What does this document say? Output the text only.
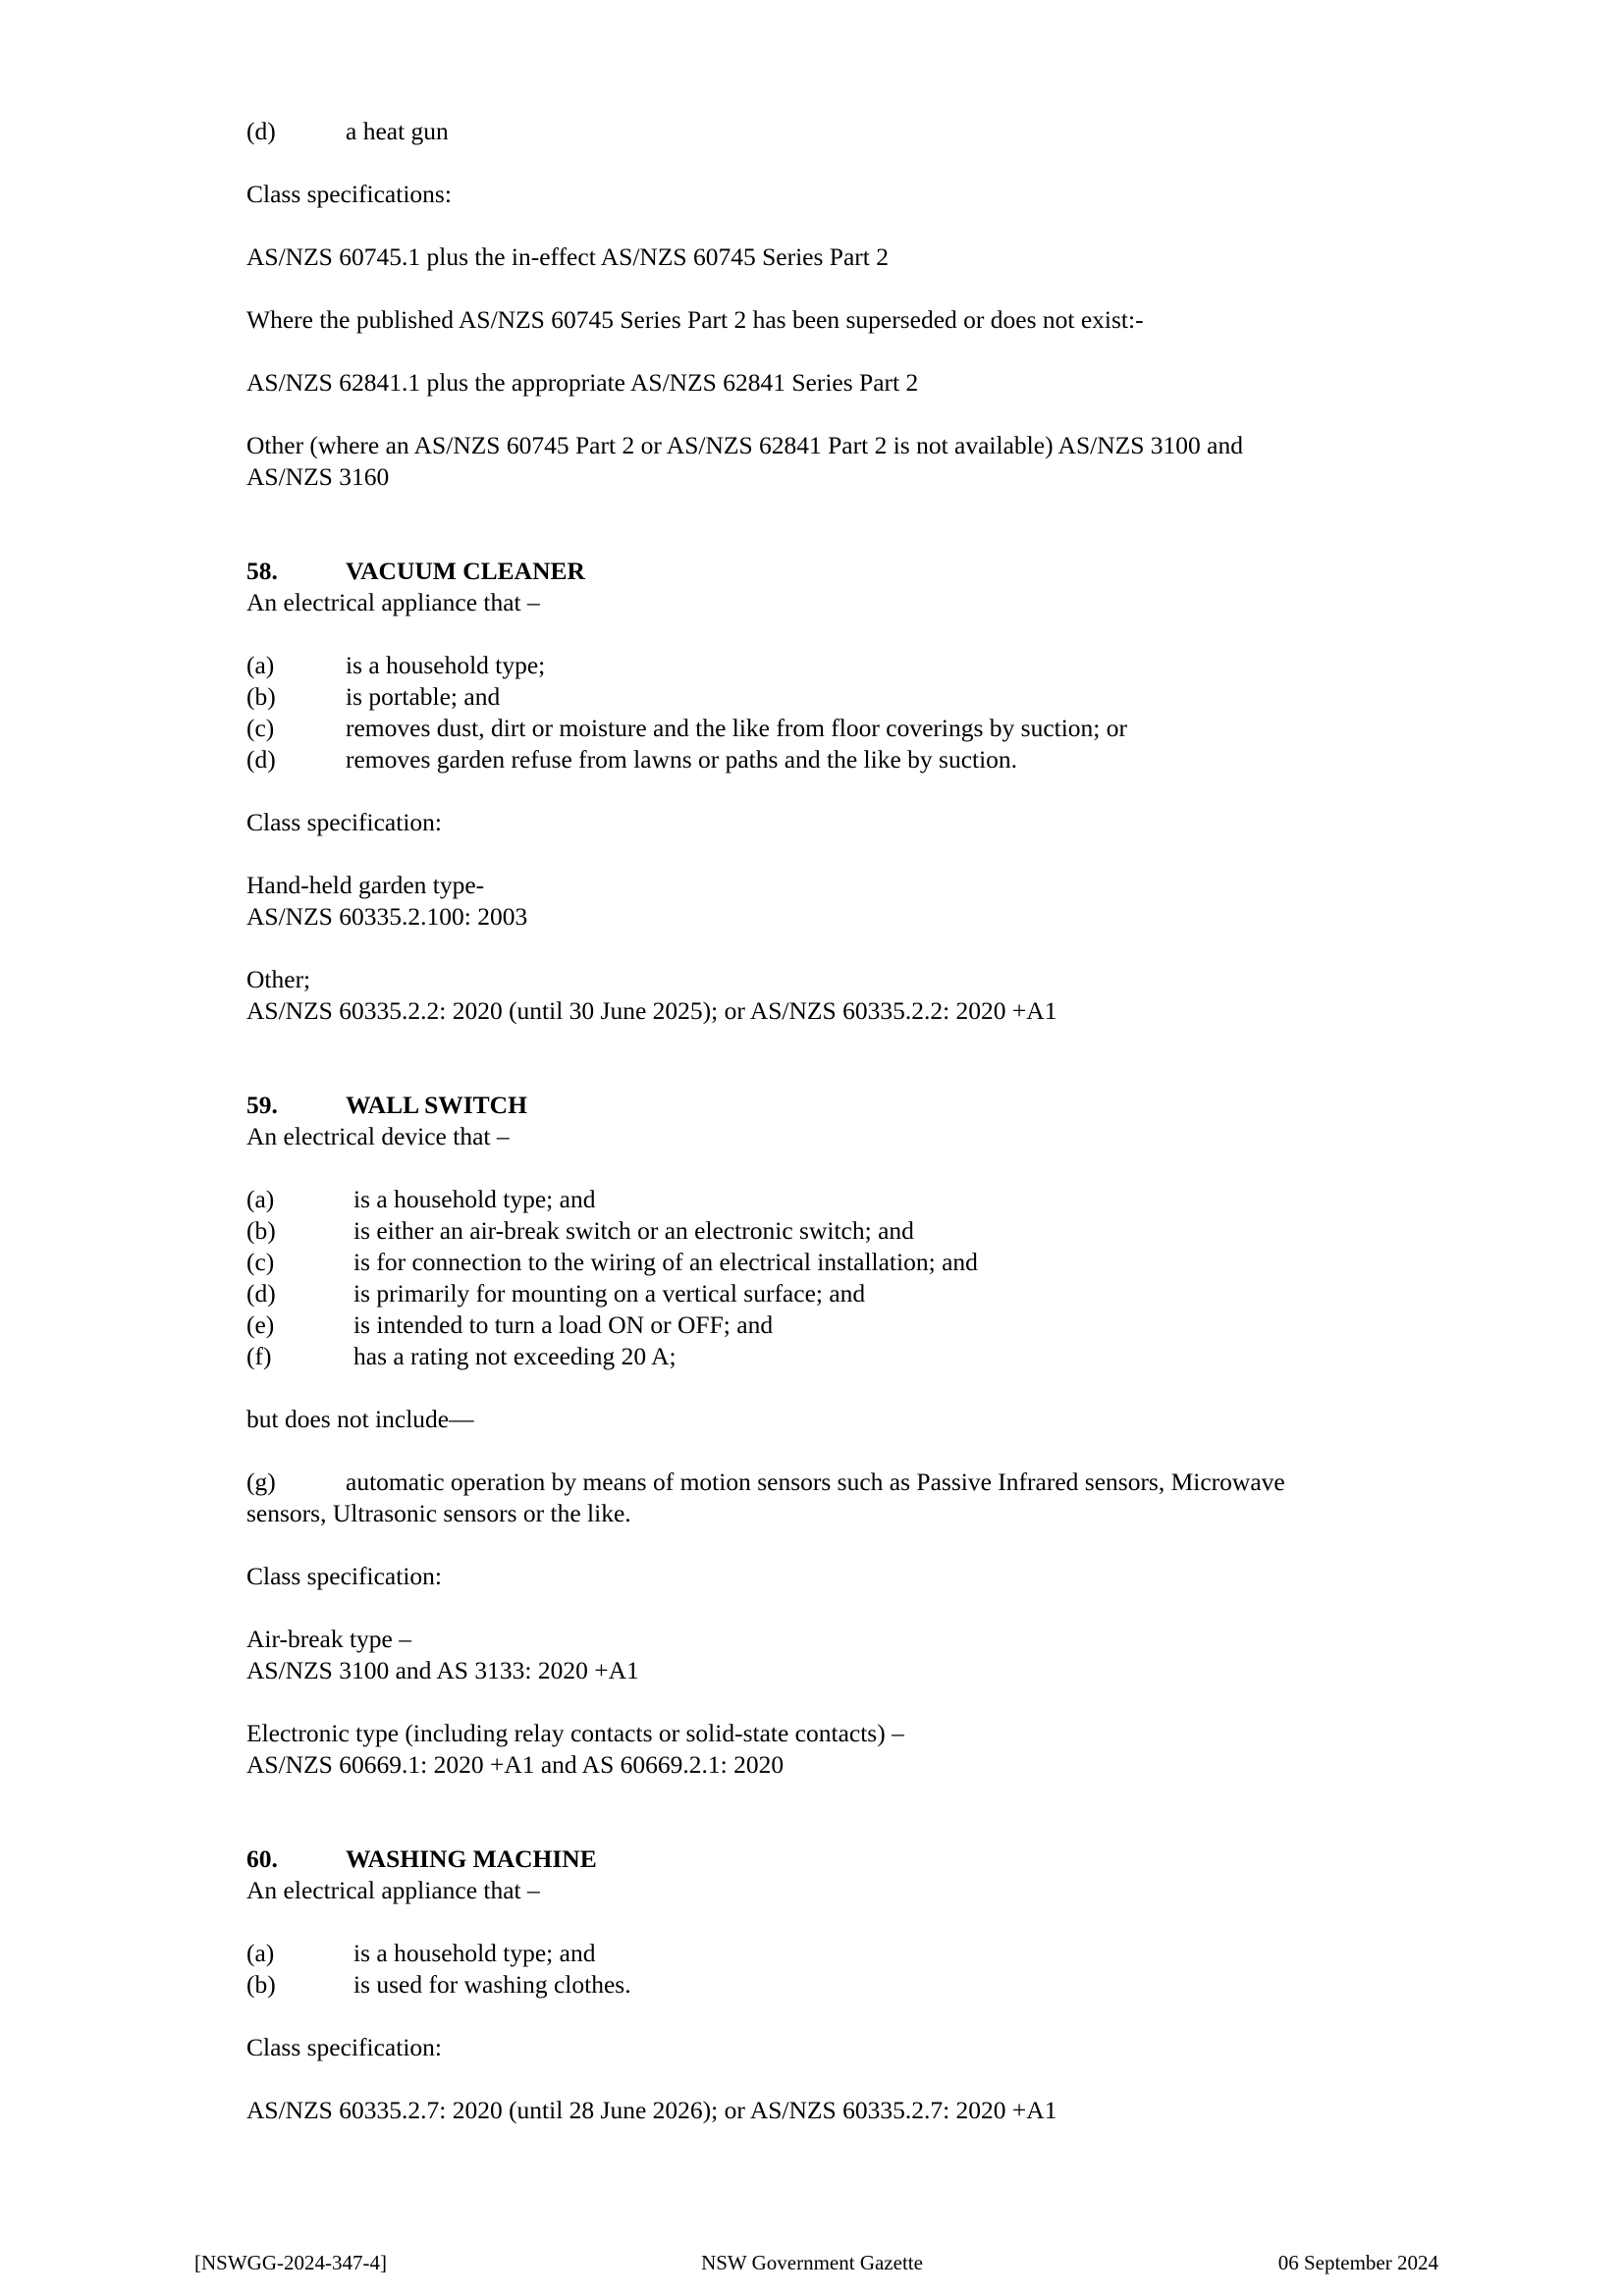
(d)	a heat gun

Class specifications:

AS/NZS 60745.1 plus the in-effect AS/NZS 60745 Series Part 2

Where the published AS/NZS 60745 Series Part 2 has been superseded or does not exist:-

AS/NZS 62841.1 plus the appropriate AS/NZS 62841 Series Part 2

Other (where an AS/NZS 60745 Part 2 or AS/NZS 62841 Part 2 is not available) AS/NZS 3100 and

AS/NZS 3160

58.	VACUUM CLEANER

An electrical appliance that –

(a)	is a household type;
(b)	is portable; and
(c)	removes dust, dirt or moisture and the like from floor coverings by suction; or
(d)	removes garden refuse from lawns or paths and the like by suction.

Class specification:

Hand-held garden type-

AS/NZS 60335.2.100: 2003

Other;

AS/NZS 60335.2.2: 2020 (until 30 June 2025); or AS/NZS 60335.2.2: 2020 +A1

59.	WALL SWITCH

An electrical device that –

(a)	is a household type; and
(b)	is either an air-break switch or an electronic switch; and
(c)	is for connection to the wiring of an electrical installation; and
(d)	is primarily for mounting on a vertical surface; and
(e)	is intended to turn a load ON or OFF; and
(f)	has a rating not exceeding 20 A;

but does not include—

(g)	automatic operation by means of motion sensors such as Passive Infrared sensors, Microwave

sensors, Ultrasonic sensors or the like.

Class specification:

Air-break type –

AS/NZS 3100 and AS 3133: 2020 +A1

Electronic type (including relay contacts or solid-state contacts) –

AS/NZS 60669.1: 2020 +A1 and AS 60669.2.1: 2020

60.	WASHING MACHINE

An electrical appliance that –

(a)	is a household type; and
(b)	is used for washing clothes.

Class specification:

AS/NZS 60335.2.7: 2020 (until 28 June 2026); or AS/NZS 60335.2.7: 2020 +A1

[NSWGG-2024-347-4]	NSW Government Gazette	06 September 2024
